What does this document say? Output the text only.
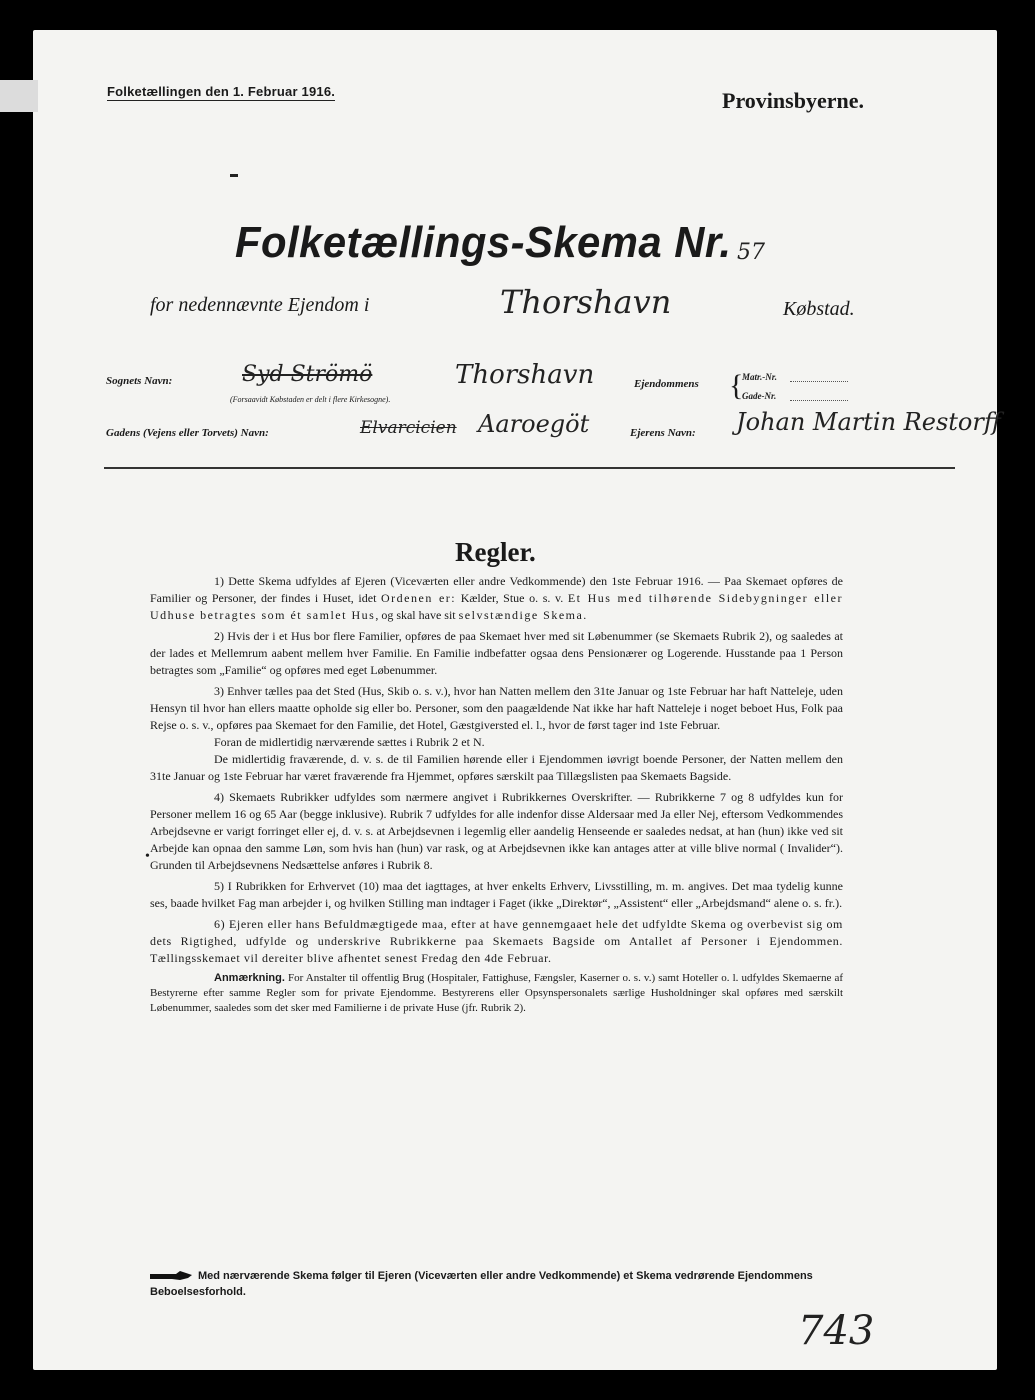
Folketællingen den 1. Februar 1916.	Provinsbyerne.
Folketællings-Skema Nr. 57
for nedennævnte Ejendom i	Thorshavn	Købstad.
Sognets Navn:	Syd Strömö	Thorshavn
(Forsaavidt Købstaden er delt i flere Kirkesogne).
Ejendommens {
Matr.-Nr.
Gade-Nr.
Gadens (Vejens eller Torvets) Navn:	Elvarcicien Aaroegöt	Ejerens Navn: Johan Martin Restorff
Regler.

1) Dette Skema udfyldes af Ejeren (Viceværten eller andre Vedkommende) den 1ste Februar 1916. — Paa Skemaet opføres de Familier og Personer, der findes i Huset, idet Ordenen er: Kælder, Stue o. s. v. Et Hus med tilhørende Sidebygninger eller Udhuse betragtes som ét samlet Hus, og skal have sit selvstændige Skema.

2) Hvis der i et Hus bor flere Familier, opføres de paa Skemaet hver med sit Løbenummer (se Skemaets Rubrik 2), og saaledes at der lades et Mellemrum aabent mellem hver Familie. En Familie indbefatter ogsaa dens Pensionærer og Logerende. Husstande paa 1 Person betragtes som „Familie“ og opføres med eget Løbenummer.

3) Enhver tælles paa det Sted (Hus, Skib o. s. v.), hvor han Natten mellem den 31te Januar og 1ste Februar har haft Natteleje, uden Hensyn til hvor han ellers maatte opholde sig eller bo. Personer, som den paagældende Nat ikke har haft Natteleje i noget beboet Hus, Folk paa Rejse o. s. v., opføres paa Skemaet for den Familie, det Hotel, Gæstgiversted el. l., hvor de først tager ind 1ste Februar.

Foran de midlertidig nærværende sættes i Rubrik 2 et N.

De midlertidig fraværende, d. v. s. de til Familien hørende eller i Ejendommen iøvrigt boende Personer, der Natten mellem den 31te Januar og 1ste Februar har været fraværende fra Hjemmet, opføres særskilt paa Tillægslisten paa Skemaets Bagside.

4) Skemaets Rubrikker udfyldes som nærmere angivet i Rubrikkernes Overskrifter. — Rubrikkerne 7 og 8 udfyldes kun for Personer mellem 16 og 65 Aar (begge inklusive). Rubrik 7 udfyldes for alle indenfor disse Aldersaar med Ja eller Nej, eftersom Vedkommendes Arbejdsevne er varigt forringet eller ej, d. v. s. at Arbejdsevnen i legemlig eller aandelig Henseende er saaledes nedsat, at han (hun) ikke ved sit Arbejde kan opnaa den samme Løn, som hvis han (hun) var rask, og at Arbejdsevnen ikke kan antages atter at ville blive normal ( Invalider“). Grunden til Arbejdsevnens Nedsættelse anføres i Rubrik 8.

5) I Rubrikken for Erhvervet (10) maa det iagttages, at hver enkelts Erhverv, Livsstilling, m. m. angives. Det maa tydelig kunne ses, baade hvilket Fag man arbejder i, og hvilken Stilling man indtager i Faget (ikke „Direktør“, „Assistent“ eller „Arbejdsmand“ alene o. s. fr.).

6) Ejeren eller hans Befuldmægtigede maa, efter at have gennemgaaet hele det udfyldte Skema og overbevist sig om dets Rigtighed, udfylde og underskrive Rubrikkerne paa Skemaets Bagside om Antallet af Personer i Ejendommen. Tællingsskemaet vil dereiter blive afhentet senest Fredag den 4de Februar.

Anmærkning. For Anstalter til offentlig Brug (Hospitaler, Fattighuse, Fængsler, Kaserner o. s. v.) samt Hoteller o. l. udfyldes Skemaerne af Bestyrerne efter samme Regler som for private Ejendomme. Bestyrerens eller Opsynspersonalets særlige Husholdninger skal opføres med særskilt Løbenummer, saaledes som det sker med Familierne i de private Huse (jfr. Rubrik 2).

•
Med nærværende Skema følger til Ejeren (Viceværten eller andre Vedkommende) et Skema vedrørende Ejendommens Beboelsesforhold.
743
